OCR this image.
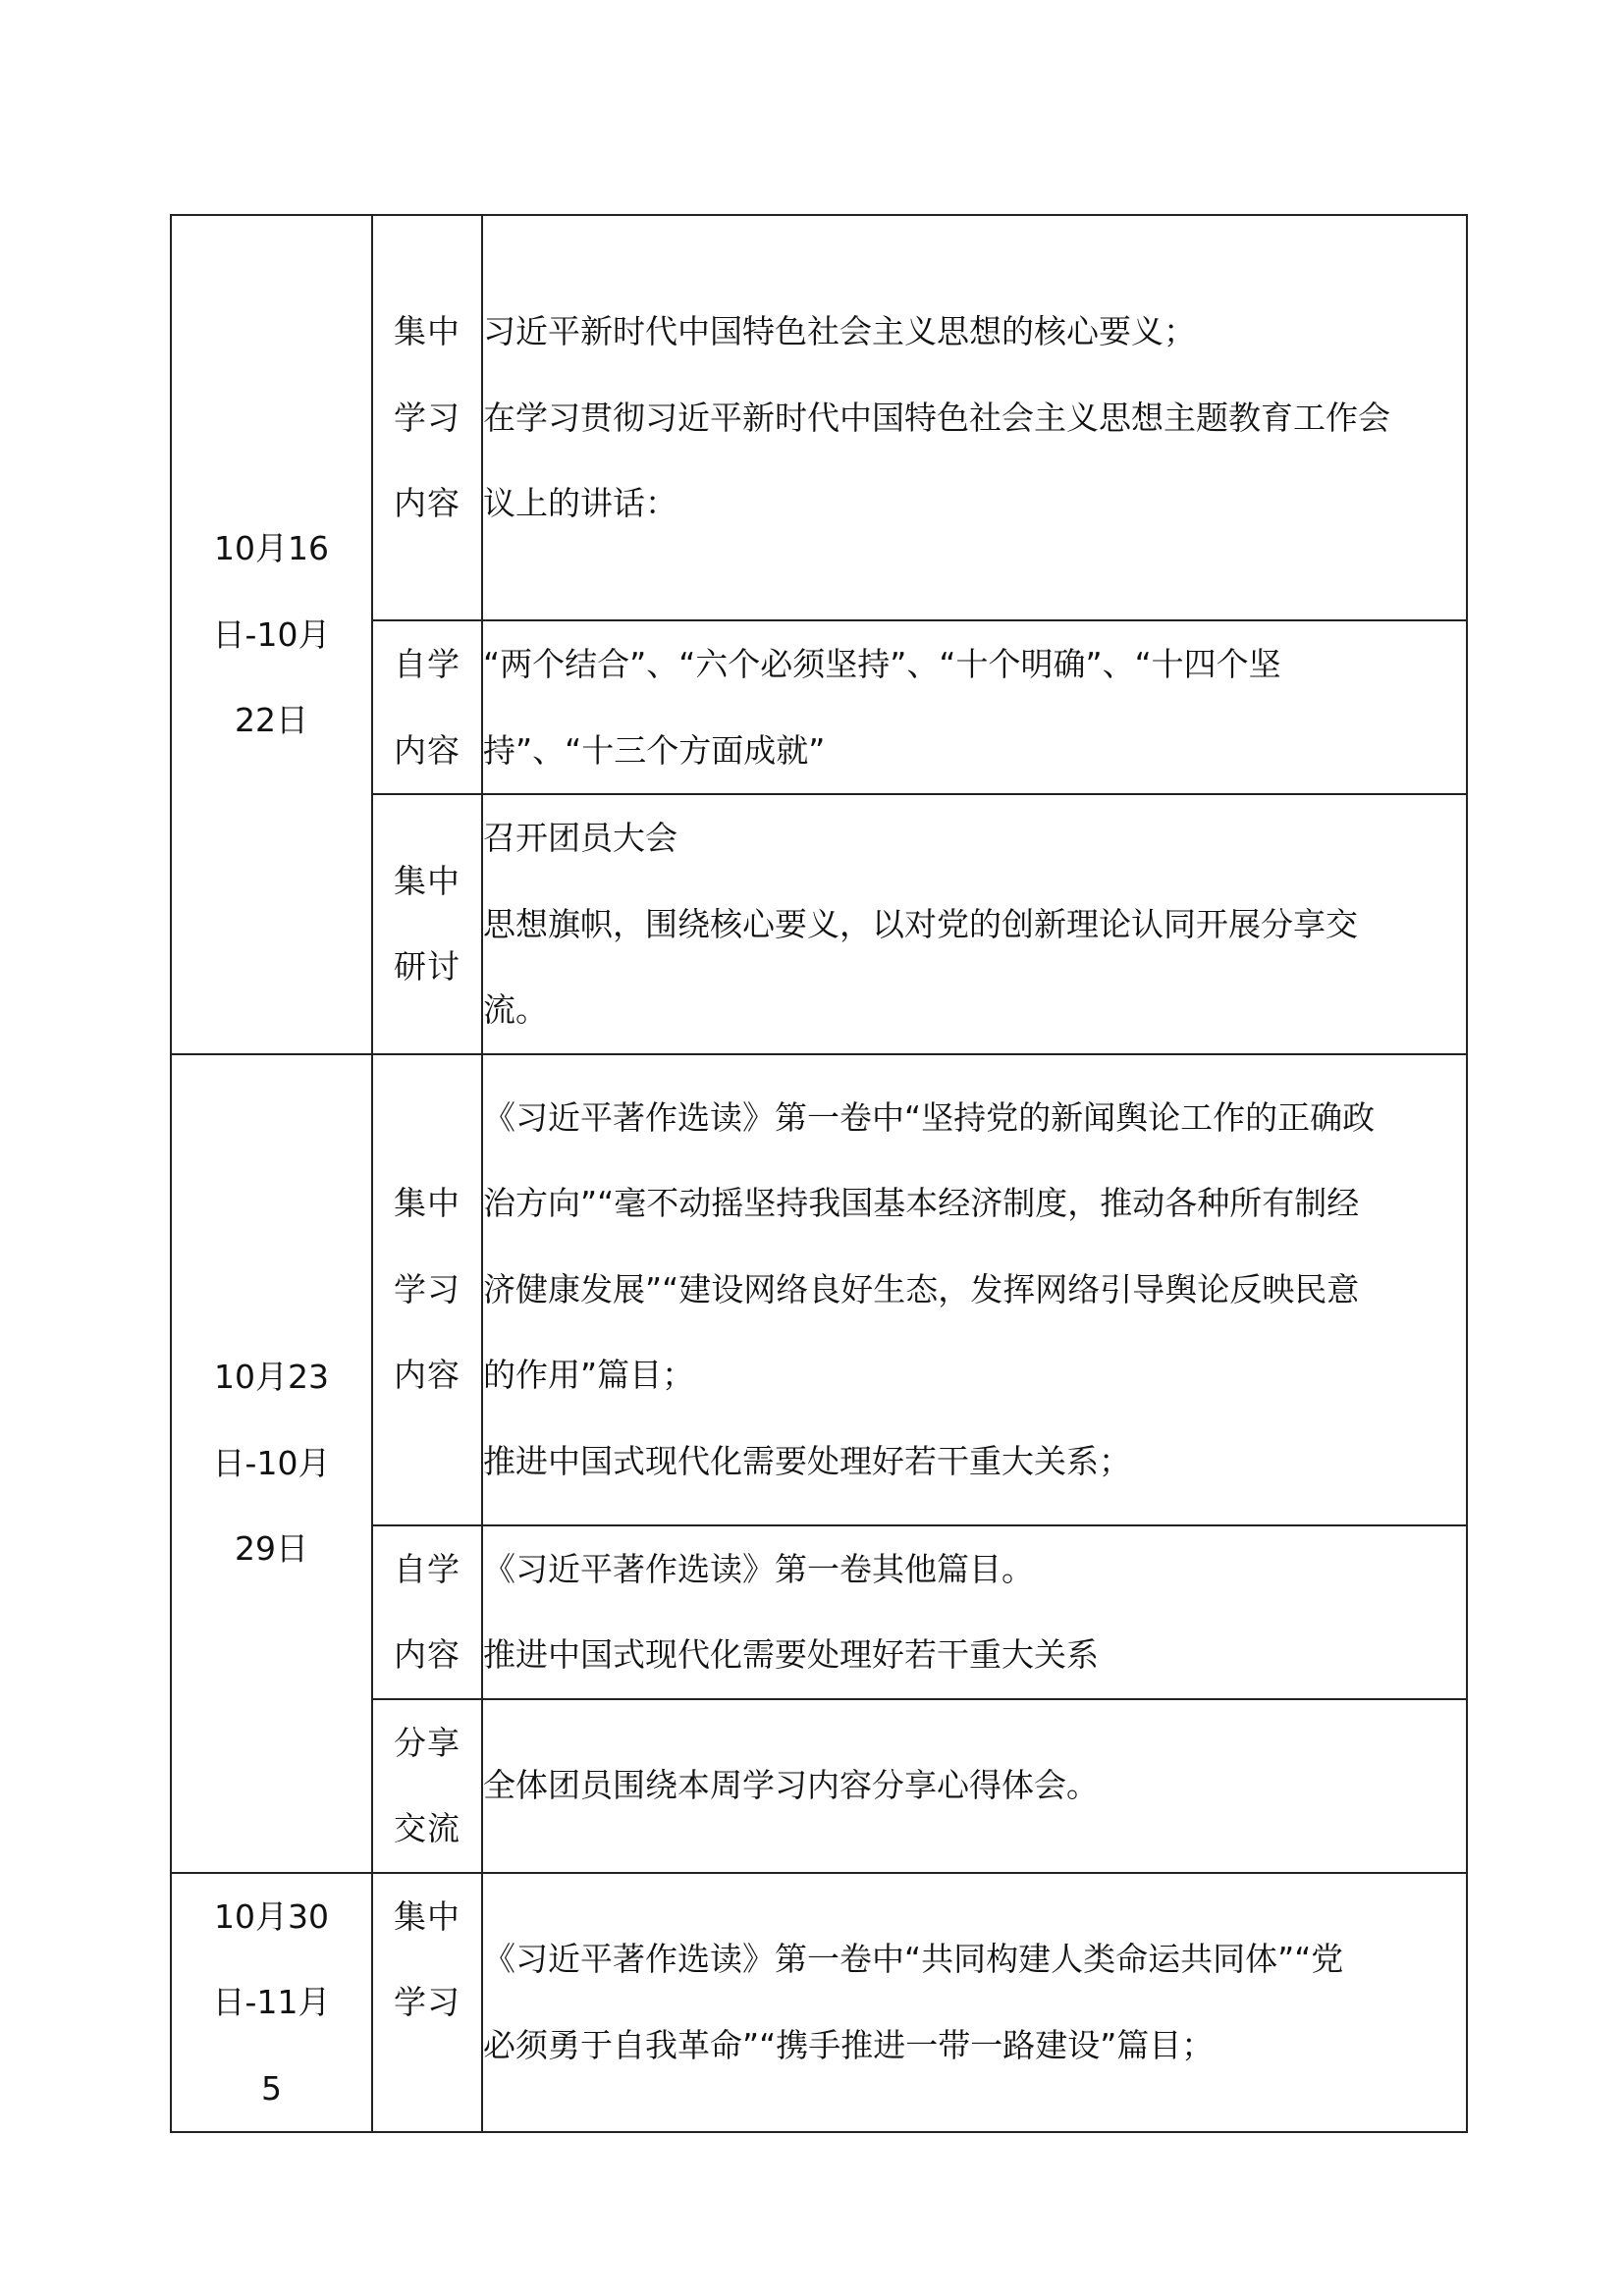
10月16日-10月22日	集中学习内容	习近平新时代中国特色社会主义思想的核心要义；
在学习贯彻习近平新时代中国特色社会主义思想主题教育工作会
议上的讲话：

	自学内容	“两个结合”、“六个必须坚持”、“十个明确”、“十四个坚
持”、“十三个方面成就”

	集中研讨	召开团员大会
思想旗帜，围绕核心要义，以对党的创新理论认同开展分享交
流。

10月23日-10月29日	集中学习内容	《习近平著作选读》第一卷中“坚持党的新闻舆论工作的正确政
治方向”“毫不动摇坚持我国基本经济制度，推动各种所有制经
济健康发展”“建设网络良好生态，发挥网络引导舆论反映民意
的作用”篇目；
推进中国式现代化需要处理好若干重大关系；

	自学内容	《习近平著作选读》第一卷其他篇目。
推进中国式现代化需要处理好若干重大关系

	分享交流	全体团员围绕本周学习内容分享心得体会。

10月30日-11月5	集中学习	《习近平著作选读》第一卷中“共同构建人类命运共同体”“党
必须勇于自我革命”“携手推进一带一路建设”篇目；
